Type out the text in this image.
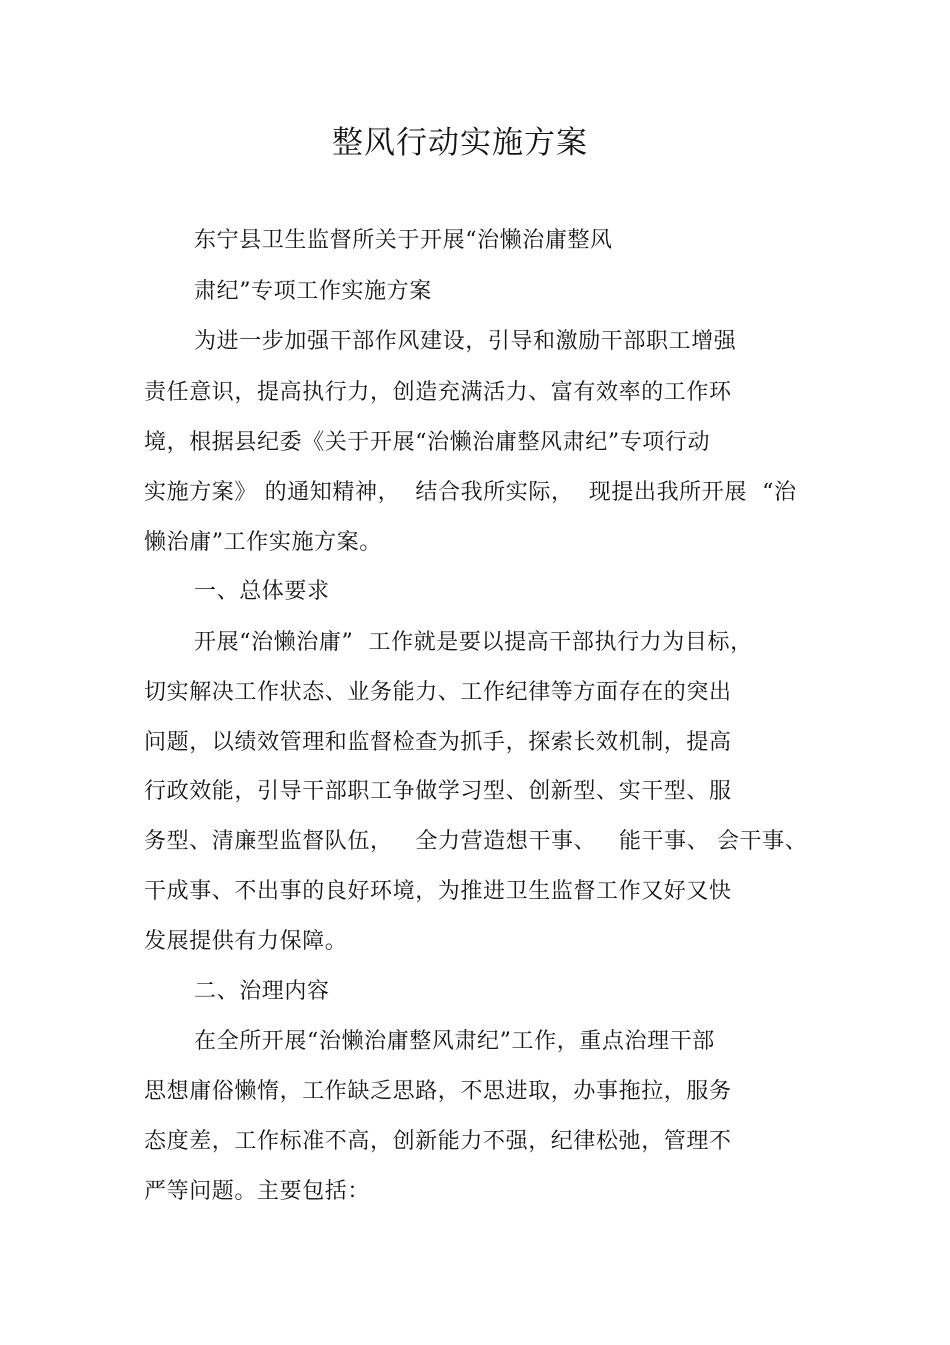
整风行动实施方案
东宁县卫生监督所关于开展“治懒治庸整风
肃纪”专项工作实施方案
为进一步加强干部作风建设，引导和激励干部职工增强
责任意识，提高执行力，创造充满活力、富有效率的工作环
境，根据县纪委《关于开展“治懒治庸整风肃纪”专项行动
实施方案》 的通知精神，  结合我所实际，  现提出我所开展  “治
懒治庸”工作实施方案。
一、总体要求
开展“治懒治庸”  工作就是要以提高干部执行力为目标，
切实解决工作状态、业务能力、工作纪律等方面存在的突出
问题，以绩效管理和监督检查为抓手，探索长效机制，提高
行政效能，引导干部职工争做学习型、创新型、实干型、服
务型、清廉型监督队伍，   全力营造想干事、   能干事、 会干事、
干成事、不出事的良好环境，为推进卫生监督工作又好又快
发展提供有力保障。
二、治理内容
在全所开展“治懒治庸整风肃纪”工作，重点治理干部
思想庸俗懒惰，工作缺乏思路，不思进取，办事拖拉，服务
态度差，工作标准不高，创新能力不强，纪律松弛，管理不
严等问题。主要包括：
